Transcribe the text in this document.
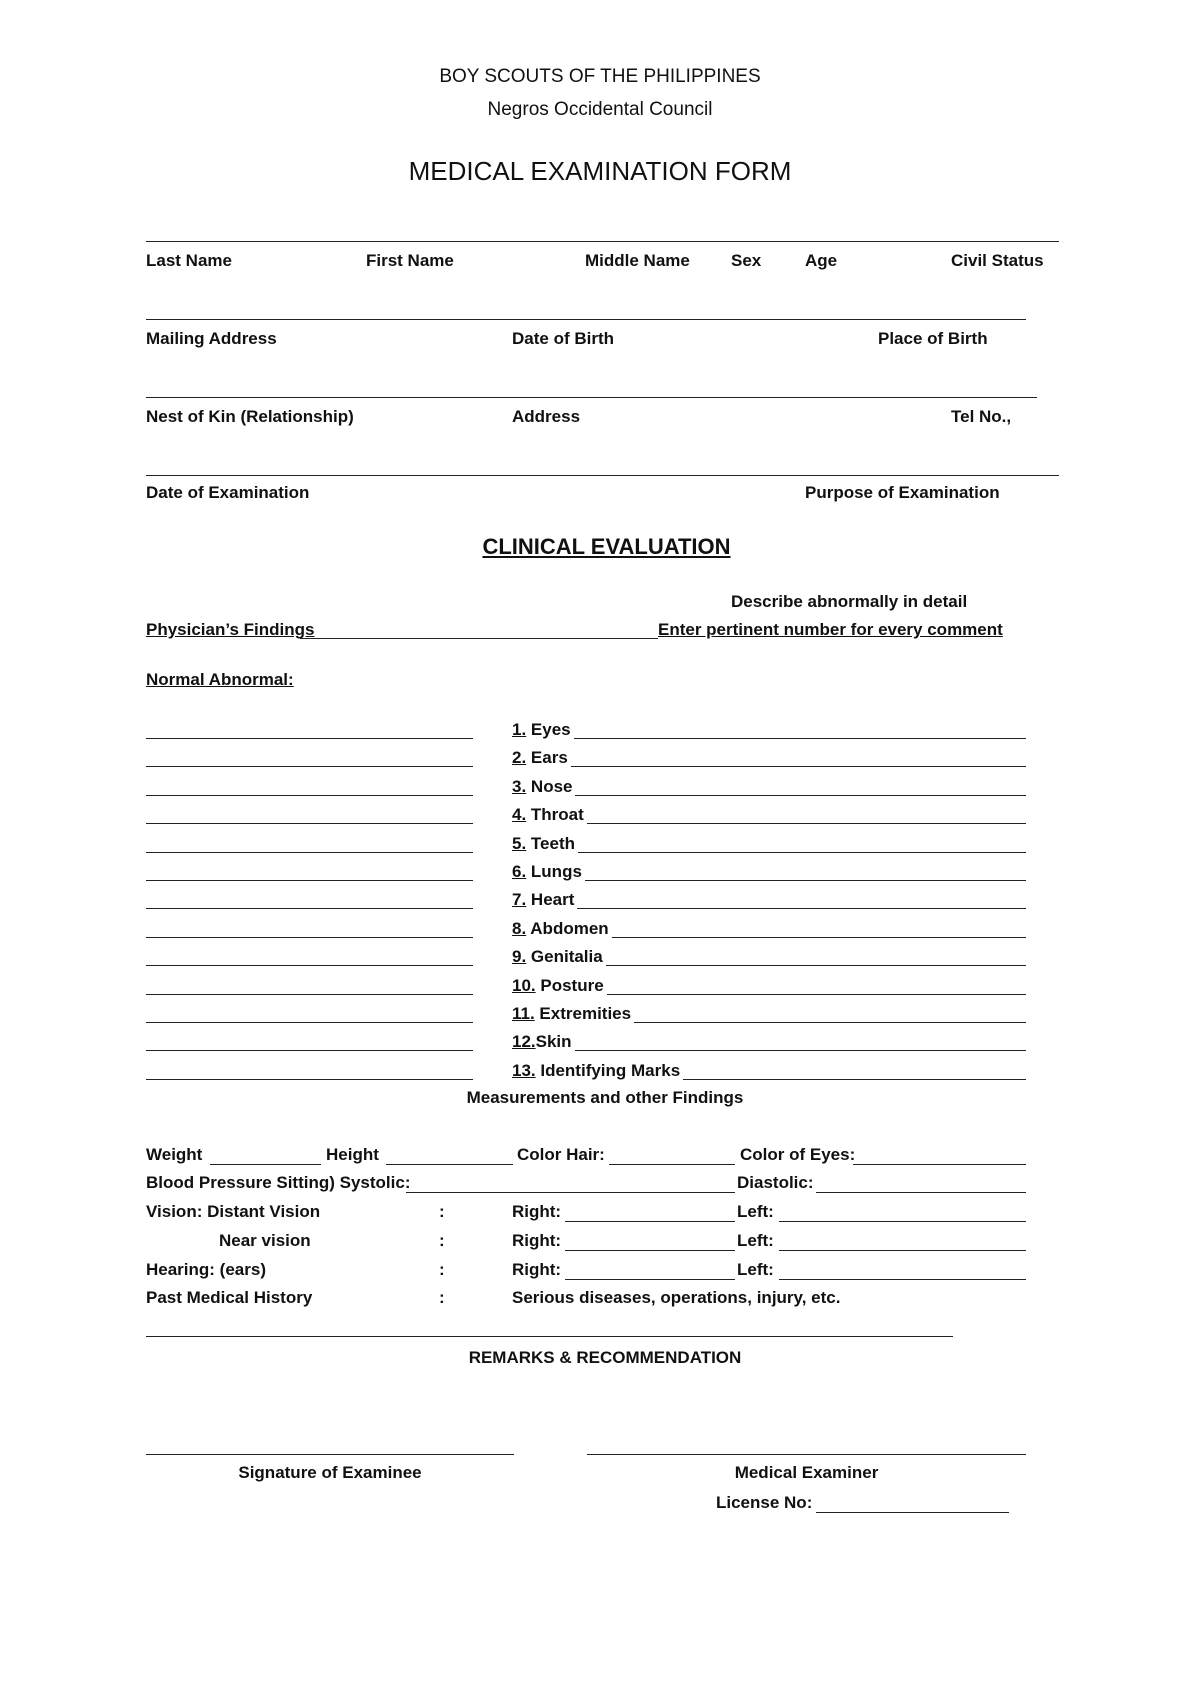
BOY SCOUTS OF THE PHILIPPINES
Negros Occidental Council
MEDICAL EXAMINATION FORM
Last Name	First Name	Middle Name Sex	Age	Civil Status
Mailing Address	Date of Birth	Place of Birth
Nest of Kin (Relationship)	Address	Tel No.,
Date of Examination	Purpose of Examination
CLINICAL EVALUATION
Describe abnormally in detail
Physician’s Findings	Enter pertinent number for every comment
Normal Abnormal:
1. Eyes
2. Ears
3. Nose
4. Throat
5. Teeth
6. Lungs
7. Heart
8. Abdomen
9. Genitalia
10. Posture
11. Extremities
12.Skin
13. Identifying Marks
Measurements and other Findings
Weight	Height	Color Hair:	Color of Eyes:
Blood Pressure Sitting) Systolic:	Diastolic:
Vision: Distant Vision	:	Right:	Left:
Near vision	:	Right:	Left:
Hearing: (ears)	:	Right:	Left:
Past Medical History	:	Serious diseases, operations, injury, etc.
REMARKS & RECOMMENDATION
Signature of Examinee	Medical Examiner
License No:
